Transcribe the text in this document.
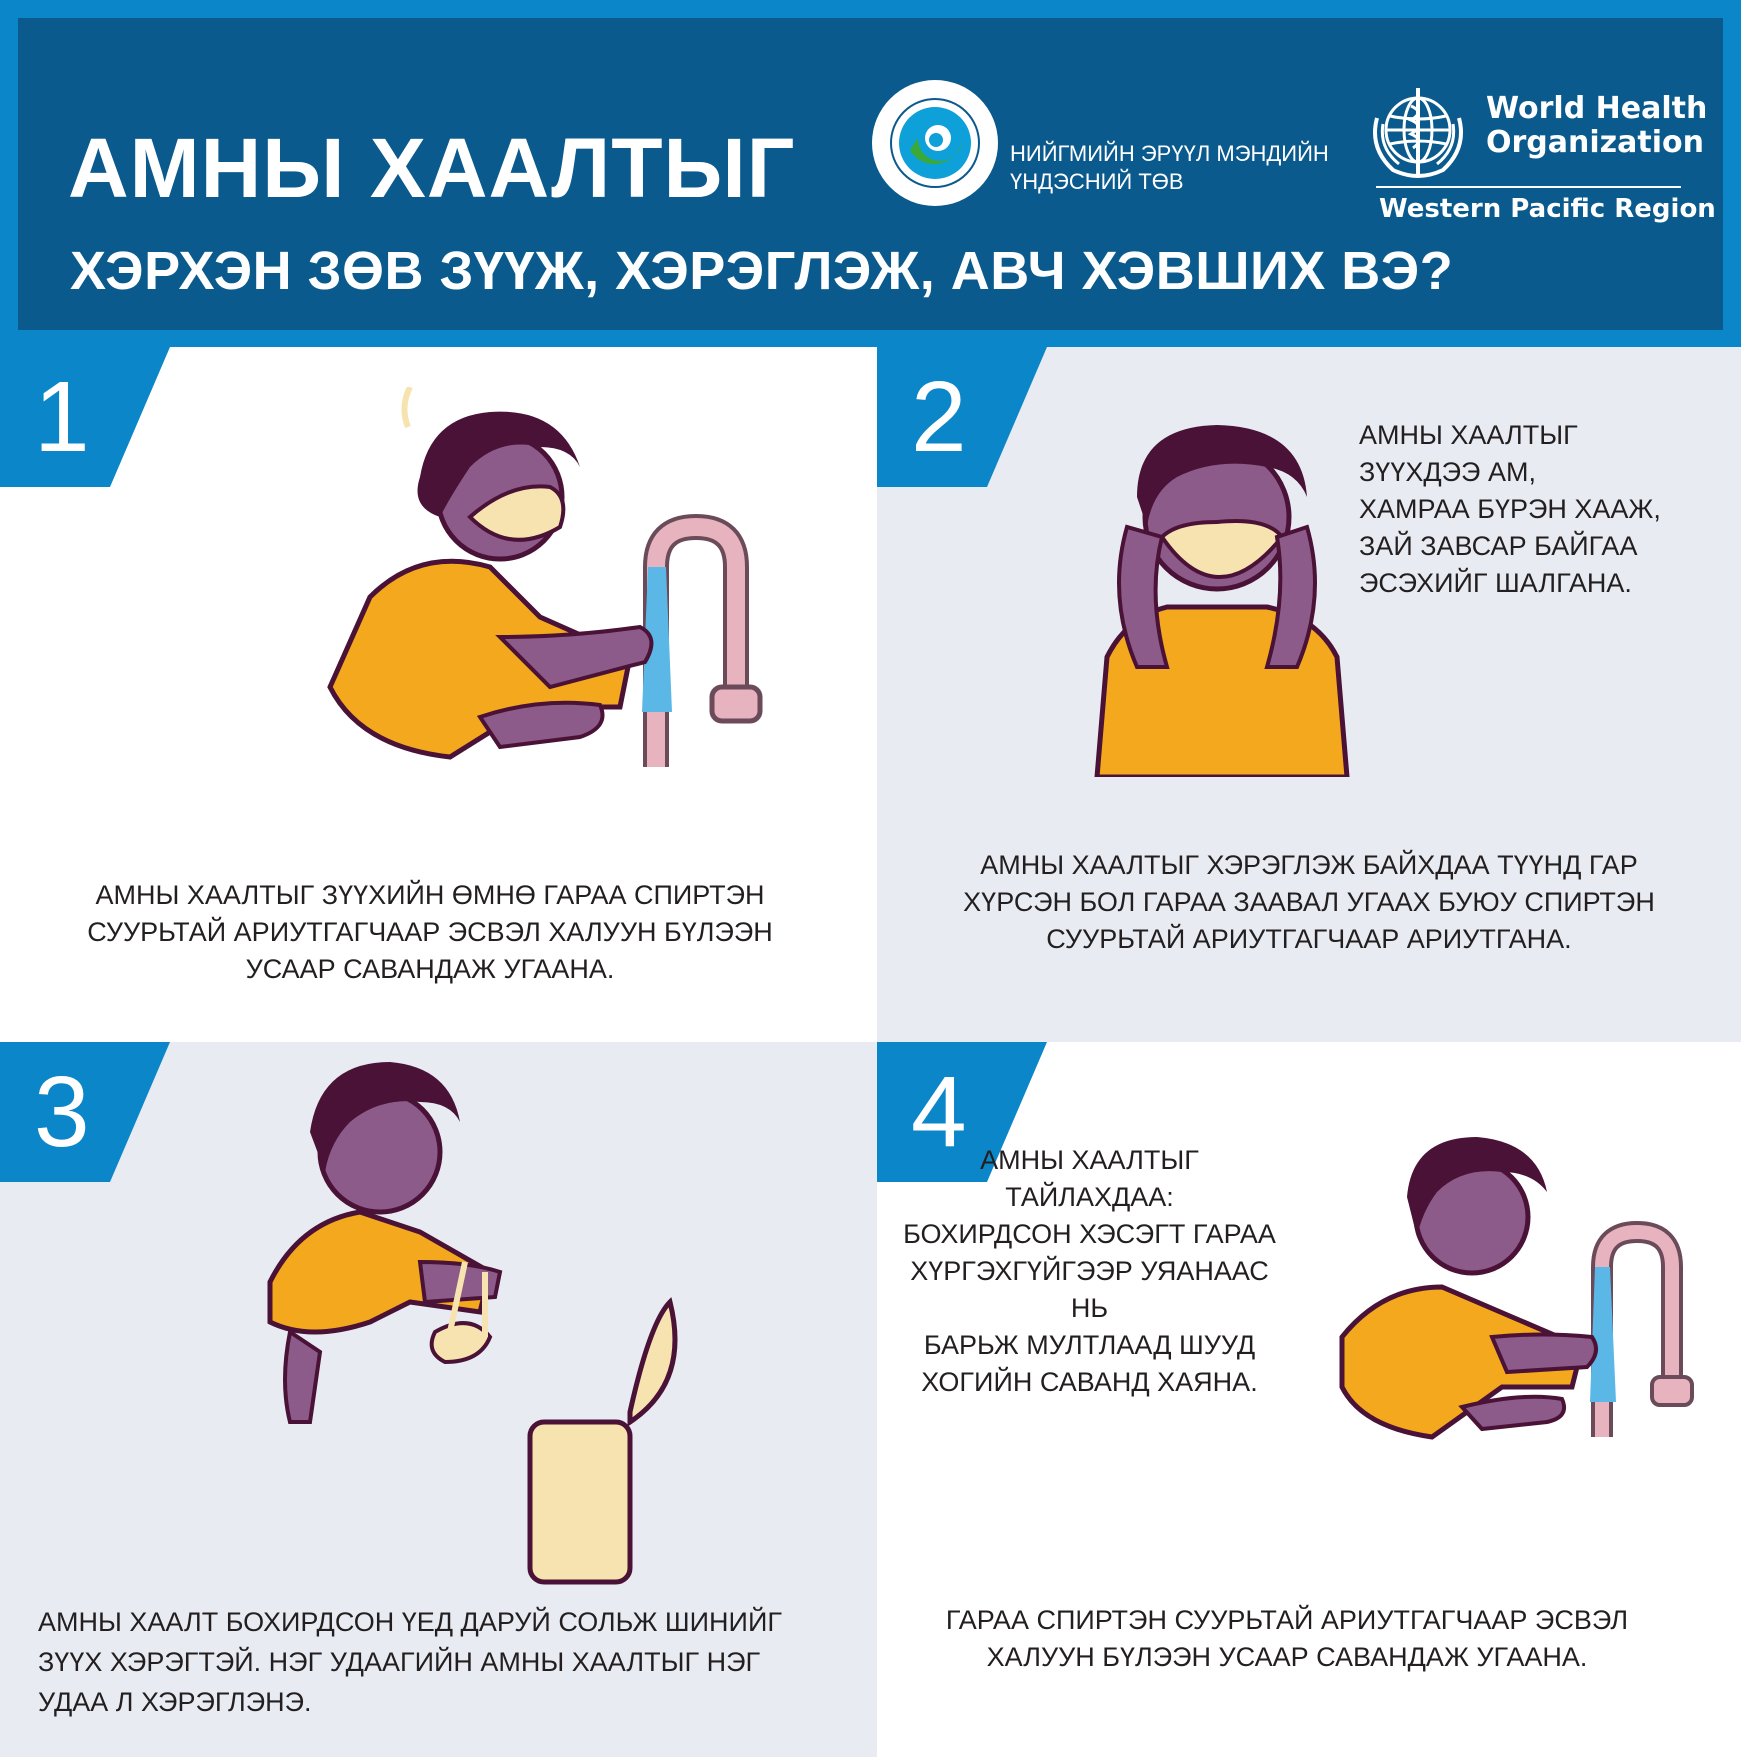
АМНЫ ХААЛТЫГ
ХЭРХЭН ЗӨВ ЗҮҮЖ, ХЭРЭГЛЭЖ, АВЧ ХЭВШИХ ВЭ?
НИЙГМИЙН ЭРҮҮЛ МЭНДИЙН
ҮНДЭСНИЙ ТӨВ
World Health
Organization
Western Pacific Region
1
АМНЫ ХААЛТЫГ ЗҮҮХИЙН ӨМНӨ ГАРАА СПИРТЭН
СУУРЬТАЙ АРИУТГАГЧААР ЭСВЭЛ ХАЛУУН БҮЛЭЭН
УСААР САВАНДАЖ УГААНА.
2	АМНЫ ХААЛТЫГ
ЗҮҮХДЭЭ АМ,
ХАМРАА БҮРЭН ХААЖ,
ЗАЙ ЗАВСАР БАЙГАА
ЭСЭХИЙГ ШАЛГАНА.
АМНЫ ХААЛТЫГ ХЭРЭГЛЭЖ БАЙХДАА ТҮҮНД ГАР
ХҮРСЭН БОЛ ГАРАА ЗААВАЛ УГААХ БУЮУ СПИРТЭН
СУУРЬТАЙ АРИУТГАГЧААР АРИУТГАНА.
3
АМНЫ ХААЛТ БОХИРДСОН ҮЕД ДАРУЙ СОЛЬЖ ШИНИЙГ
ЗҮҮХ ХЭРЭГТЭЙ. НЭГ УДААГИЙН АМНЫ ХААЛТЫГ НЭГ
УДАА Л ХЭРЭГЛЭНЭ.
4 АМНЫ ХААЛТЫГ ТАЙЛАХДАА:
БОХИРДСОН ХЭСЭГТ ГАРАА
ХҮРГЭХГҮЙГЭЭР УЯАНААС НЬ
БАРЬЖ МУЛТЛААД ШУУД
ХОГИЙН САВАНД ХАЯНА.
ГАРАА СПИРТЭН СУУРЬТАЙ АРИУТГАГЧААР ЭСВЭЛ
ХАЛУУН БҮЛЭЭН УСААР САВАНДАЖ УГААНА.
